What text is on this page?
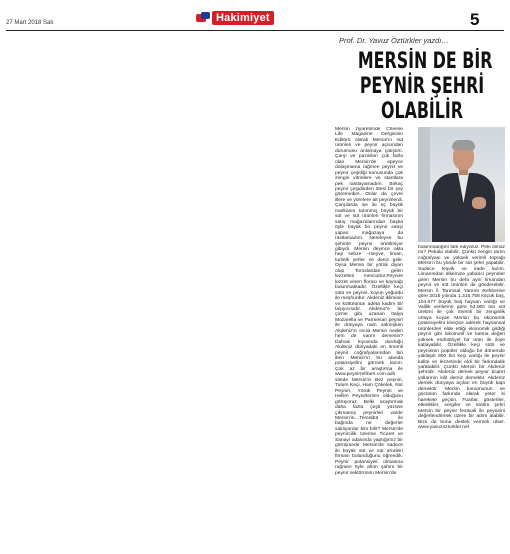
27 Mart 2018 Salı	Hakimiyet	5
Prof. Dr. Yavuz Öztürkler yazdı…
MERSİN DE BİR
PEYNİR ŞEHRİ
OLABİLİR

Mersin ziyaretimde Cheese Life Magazine Dergisinin Editörü olarak Mersin'in süt ürünleri ve peynir açısından durumunu anlamaya çalıştım. Çarşı ve pazarları çok fazla olan Mersin'de epeyce dolaşmama rağmen peynir ve peynir çeşitliği konusunda çok zengin vitrinlere ve stantlara pek rastlayamadım. Birkaç peynir çeşidinden ötesi bir şey göremedim. Onlar da çevre illere ve yörelere ait peynirlerdi. Çarşılarda ise iki üç büyük markanın tanınmış büyük bir süt ve süt ürünleri firmasının satış mağazalarından başka öyle büyük bir peynir satışı yapan mağazaya da rastlamadım. Nereleyse bu şehirde peynir üretilmiyor gibiydi. Mersin deyince akla hep sebze –meyve, liman, turistik yerler ve deniz gelir. Oysa Mersin bir yörük diyarı olup Toroslardan gelen lezzetleri mevcuttur.Peynire lezzet veren florası ve kaynağı bulunmaktadır. Özellikle keçi sütü ve peyniri, koyun yoğurdu ile meşhurdur. Akdeniz ikliminin ve kültürünün adeta kadim bir taşıyıcısıdır. Akdeniz'e bir çizme gibi uzanan İtalya Mozarella ve Parmesan peyniri ile dünyaya nam salmışken Akdeniz'in incisi Mersin neden hem de varım demesin? Dahası kıyısında durduğu Akdeniz dünyadaki en önemli peynir coğrafyalarından biri iken Mersin'in bu alanda potansiyelini görmek lazım. Çok az bir araştırma ile www.peynirrehberi.com.adlı sitede Mersin'in Bez peyniri, Tulum Keçi, Ham Çökelek, Nor Peyniri, Yörük Peyniri ve Hellim Peynirlerinin olduğunu görüyoruz. Belki araştırmak daha fazla çeşit yüzüne çıkmamış peynirleri vardır Mersin'in…Tereddüt ile bağında ne değerler saklıyordur kim bilir? Mersin'de peynircilik üzerine Ticaret ve Sanayi odasında yaptığımız bir görüşmede Mersin'de sadece iki büyük süt ve süt ürünleri firması bulunduğunu öğrendik. Peynir potansiyeli olmasına rağmen öyle ahım şahım bir peynir sektörünün Mersin'de

bulunmadığını fark ediyoruz. Peki olmaz mı? Pekala olabilir. Çünkü zengin tarım coğrafyası ve yüksek verimli toprağı Mersin'i bu yönde bir süt şehri yapabilir. Sadece teşvik ve irade lazım. Limanından ülkemize yabancı peynirler giren Mersin bu defa aynı limandan peynir ve süt ürünleri de gönderebilir. Mersin İl Tarımsal Yatırım Rehberine göre 2015 yılında 1.315.758 küçük baş, 104.677 büyük baş hayvan varlığı ve Valilik verilerine göre 54.000 ton süt üretimi ile çok önemli bir zenginlik ortaya koyan Mersin bu ekonomik potansiyelini kireçlse aderek hayvansal ürünlerden elde ettiği ekonomik girdiği peynir gibi lokomotif ve katma değeri yüksek endüstriyel bir ürün ile ikiye katlayabilir. Özellikle keçi sütü ve peynirinin popüler olduğu bir dönemde yaklaşık 800 bin keçi varlığı ile peynir kalite ve lezzetinde eldi bir farkındalık yaratabilir. Çünkü Mersin bir Akdeniz şehridir. Akdeniz demek peynir ticaret yollarının kilit demiz demektir. Akdeniz demek dünyaya açılan en büyük kapı demektir. Mersin konumunun ve gücünün farkında olarak yeter ki harekete geçsin. Fuarlar, gösteriler, etkinlikler, sergiler ve üretim şehri Mersin bir peynir festivali ile peynirini değerlendirmek üzere bir adım atabilir. Bizs de buna destek vermek ülser. www.yavuzozturkler.net
